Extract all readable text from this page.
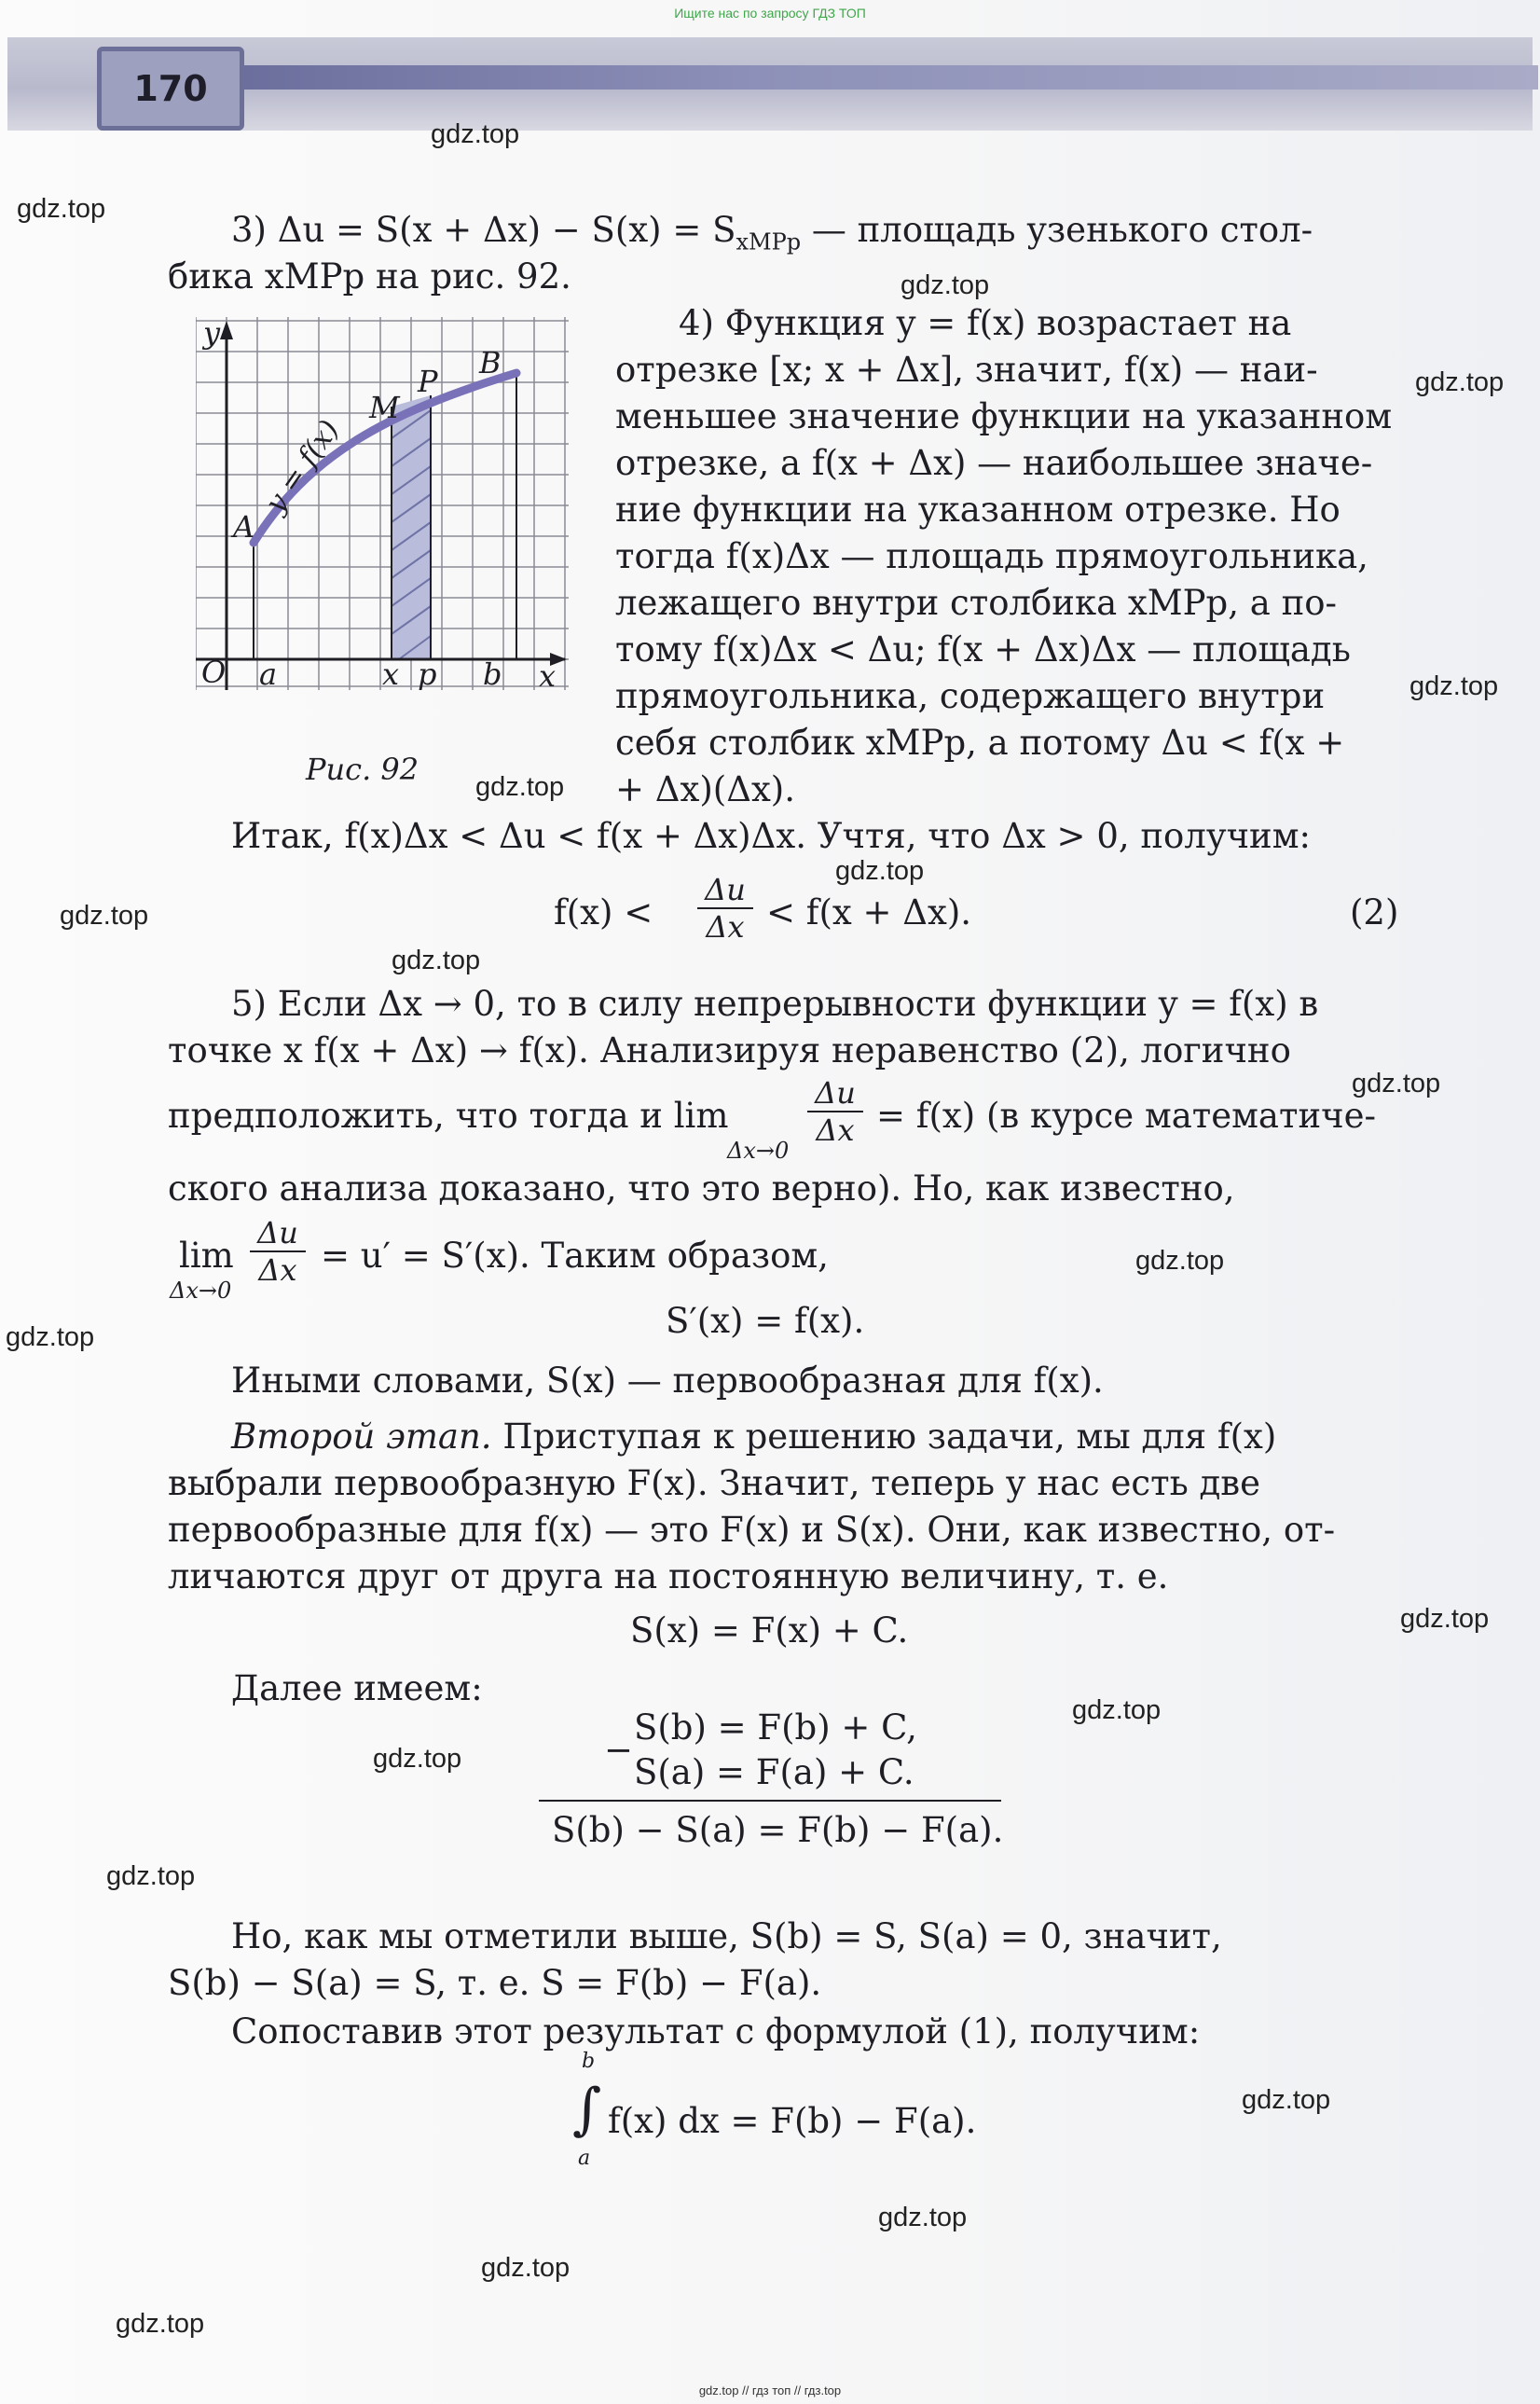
Ищите нас по запросу ГДЗ ТОП
170
gdz.top
gdz.top
gdz.top
gdz.top
gdz.top
gdz.top
gdz.top
gdz.top
gdz.top
gdz.top
gdz.top
gdz.top
gdz.top
gdz.top
gdz.top
gdz.top
gdz.top
gdz.top
gdz.top
gdz.top
3) $\Delta u = S(x + \Delta x) - S(x) = S_{xMPp}$ — площадь узенького стол-
бика xMPp на рис. 92.
y
x
O a	x p b
A
M
P
B
y = f(x)
Рис. 92
4) Функция y = f(x) возрастает на
отрезке [x; x + Δx], значит, f(x) — наи-
меньшее значение функции на указанном
отрезке, а f(x + Δx) — наибольшее значе-
ние функции на указанном отрезке. Но
тогда f(x)Δx — площадь прямоугольника,
лежащего внутри столбика xMPp, а по-
тому f(x)Δx < Δu; f(x + Δx)Δx — площадь
прямоугольника, содержащего внутри
себя столбик xMPp, а потому Δu < f(x +
+ Δx)(Δx).
Итак, f(x)Δx < Δu < f(x + Δx)Δx. Учтя, что Δx > 0, получим:
$f(x) < \frac{\Delta u}{\Delta x} < f(x + \Delta x)$.	(2)
5) Если Δx → 0, то в силу непрерывности функции y = f(x) в
точке x f(x + Δx) → f(x). Анализируя неравенство (2), логично
предположить, что тогда и lim
Δx→0
$\frac{\Delta u}{\Delta x} = f(x)$ (в курсе математиче-
ского анализа доказано, что это верно). Но, как известно,
lim
Δx→0
$\frac{\Delta u}{\Delta x} = u' = S'(x)$. Таким образом,
S′(x) = f(x).
Иными словами, S(x) — первообразная для f(x).
Второй этап. Приступая к решению задачи, мы для f(x)
выбрали первообразную F(x). Значит, теперь у нас есть две
первообразные для f(x) — это F(x) и S(x). Они, как известно, от-
личаются друг от друга на постоянную величину, т. е.
S(x) = F(x) + C.
Далее имеем:
S(b) = F(b) + C,
−
S(a) = F(a) + C.
S(b) − S(a) = F(b) − F(a).
Но, как мы отметили выше, S(b) = S, S(a) = 0, значит,
S(b) − S(a) = S, т. е. S = F(b) − F(a).
Сопоставив этот результат с формулой (1), получим:
b
∫
a
f(x) dx = F(b) − F(a).
gdz.top // гдз топ // гдз.top
